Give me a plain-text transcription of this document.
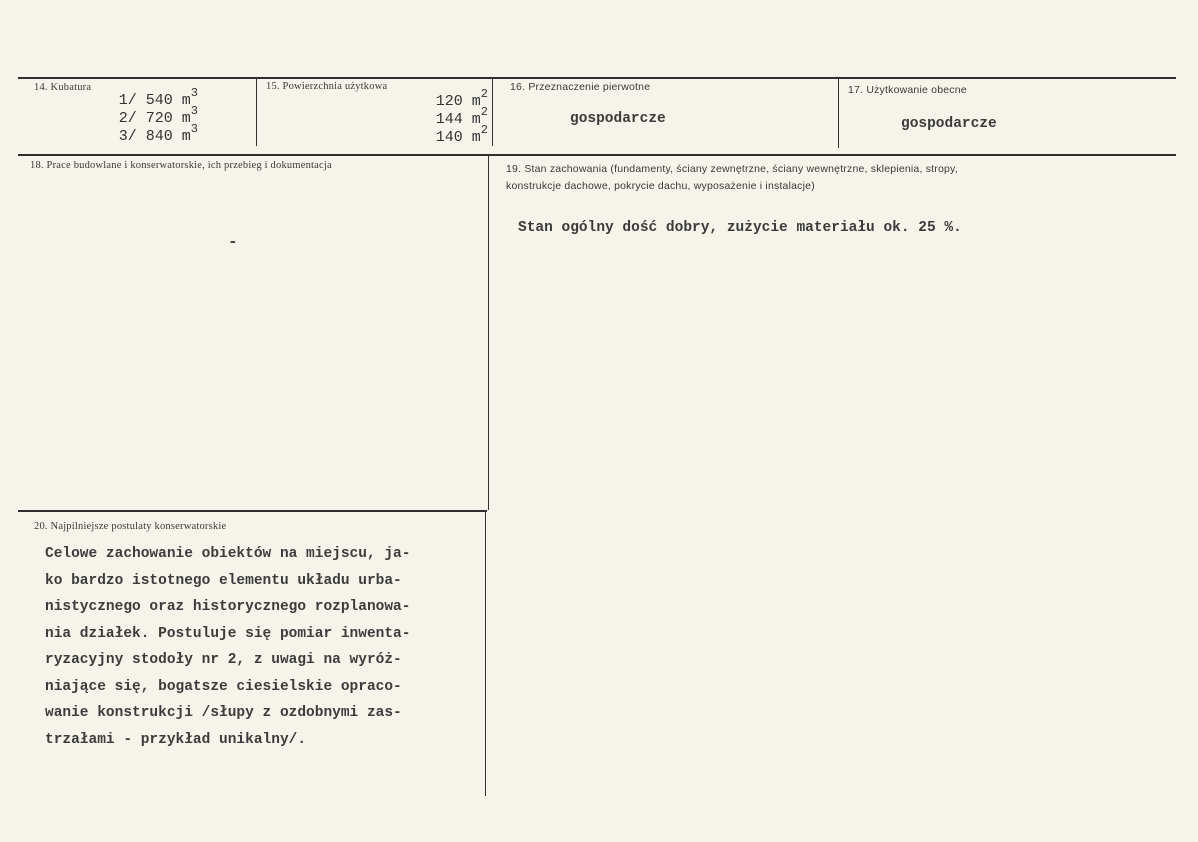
14. Kubatura
1/ 540 $m^3$
2/ 720 $m^3$
3/ 840 $m^3$
15. Powierzchnia użytkowa
120 $m^2$
144 $m^2$
140 $m^2$
16. Przeznaczenie pierwotne
gospodarcze
17. Użytkowanie obecne
gospodarcze
18. Prace budowlane i konserwatorskie, ich przebieg i dokumentacja
-
19. Stan zachowania (fundamenty, ściany zewnętrzne, ściany wewnętrzne, sklepienia, stropy,
konstrukcje dachowe, pokrycie dachu, wyposażenie i instalacje)
Stan ogólny dość dobry, zużycie materiału ok. 25 %.
20. Najpilniejsze postulaty konserwatorskie
Celowe zachowanie obiektów na miejscu, ja-
ko bardzo istotnego elementu układu urba-
nistycznego oraz historycznego rozplanowa-
nia działek. Postuluje się pomiar inwenta-
ryzacyjny stodoły nr 2, z uwagi na wyróż-
niające się, bogatsze ciesielskie opraco-
wanie konstrukcji /słupy z ozdobnymi zas-
trzałami - przykład unikalny/.
